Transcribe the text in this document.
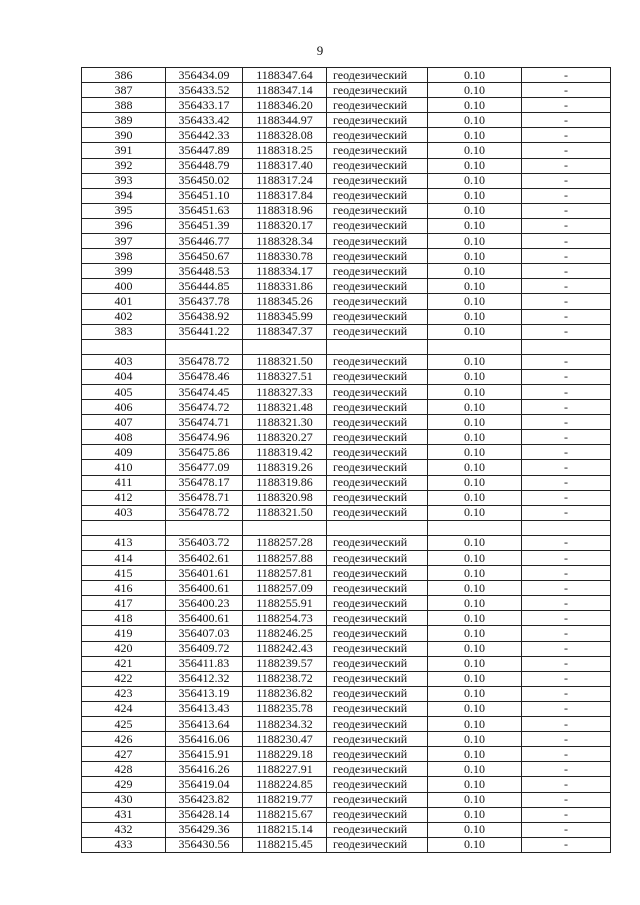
9
386	356434.09	1188347.64	геодезический	0.10	-
387	356433.52	1188347.14	геодезический	0.10	-
388	356433.17	1188346.20	геодезический	0.10	-
389	356433.42	1188344.97	геодезический	0.10	-
390	356442.33	1188328.08	геодезический	0.10	-
391	356447.89	1188318.25	геодезический	0.10	-
392	356448.79	1188317.40	геодезический	0.10	-
393	356450.02	1188317.24	геодезический	0.10	-
394	356451.10	1188317.84	геодезический	0.10	-
395	356451.63	1188318.96	геодезический	0.10	-
396	356451.39	1188320.17	геодезический	0.10	-
397	356446.77	1188328.34	геодезический	0.10	-
398	356450.67	1188330.78	геодезический	0.10	-
399	356448.53	1188334.17	геодезический	0.10	-
400	356444.85	1188331.86	геодезический	0.10	-
401	356437.78	1188345.26	геодезический	0.10	-
402	356438.92	1188345.99	геодезический	0.10	-
383	356441.22	1188347.37	геодезический	0.10	-

403	356478.72	1188321.50	геодезический	0.10	-
404	356478.46	1188327.51	геодезический	0.10	-
405	356474.45	1188327.33	геодезический	0.10	-
406	356474.72	1188321.48	геодезический	0.10	-
407	356474.71	1188321.30	геодезический	0.10	-
408	356474.96	1188320.27	геодезический	0.10	-
409	356475.86	1188319.42	геодезический	0.10	-
410	356477.09	1188319.26	геодезический	0.10	-
411	356478.17	1188319.86	геодезический	0.10	-
412	356478.71	1188320.98	геодезический	0.10	-
403	356478.72	1188321.50	геодезический	0.10	-

413	356403.72	1188257.28	геодезический	0.10	-
414	356402.61	1188257.88	геодезический	0.10	-
415	356401.61	1188257.81	геодезический	0.10	-
416	356400.61	1188257.09	геодезический	0.10	-
417	356400.23	1188255.91	геодезический	0.10	-
418	356400.61	1188254.73	геодезический	0.10	-
419	356407.03	1188246.25	геодезический	0.10	-
420	356409.72	1188242.43	геодезический	0.10	-
421	356411.83	1188239.57	геодезический	0.10	-
422	356412.32	1188238.72	геодезический	0.10	-
423	356413.19	1188236.82	геодезический	0.10	-
424	356413.43	1188235.78	геодезический	0.10	-
425	356413.64	1188234.32	геодезический	0.10	-
426	356416.06	1188230.47	геодезический	0.10	-
427	356415.91	1188229.18	геодезический	0.10	-
428	356416.26	1188227.91	геодезический	0.10	-
429	356419.04	1188224.85	геодезический	0.10	-
430	356423.82	1188219.77	геодезический	0.10	-
431	356428.14	1188215.67	геодезический	0.10	-
432	356429.36	1188215.14	геодезический	0.10	-
433	356430.56	1188215.45	геодезический	0.10	-
